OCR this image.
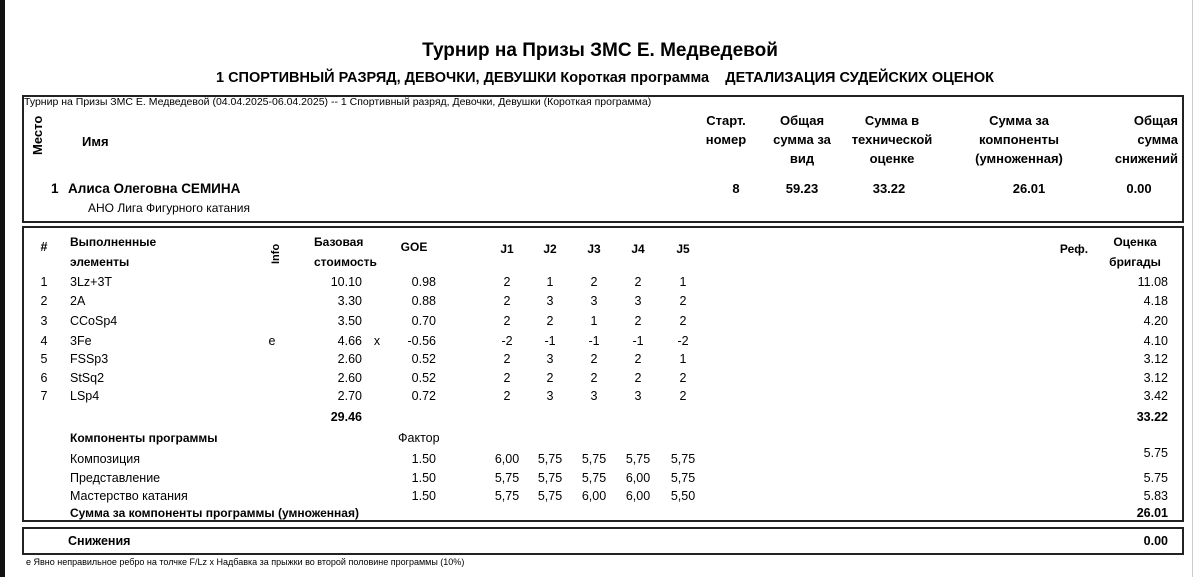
Турнир на Призы ЗМС Е. Медведевой
1 СПОРТИВНЫЙ РАЗРЯД, ДЕВОЧКИ, ДЕВУШКИ Короткая программа    ДЕТАЛИЗАЦИЯ СУДЕЙСКИХ ОЦЕНОК
Турнир на Призы ЗМС Е. Медведевой (04.04.2025-06.04.2025) -- 1 Спортивный разряд, Девочки, Девушки (Короткая программа)
Место	Имя
Старт. номер
Общая сумма за вид
Сумма в технической оценке
Сумма за компоненты (умноженная)
Общая сумма снижений
1 Алиса Олеговна СЕМИНА
АНО Лига Фигурного катания
8	59.23	33.22	26.01	0.00
#	Выполненные элементы	Info
Базовая стоимость
GOE	J1	J2	J3	J4	J5	Реф.	Оценка бригады
1	3Lz+3T	10.10	0.98	2	1	2	2	1	11.08
2	2A	3.30	0.88	2	3	3	3	2	4.18
3	CCoSp4	3.50	0.70	2	2	1	2	2	4.20
4	3Fe	e	4.66 x	-0.56	-2	-1	-1	-1	-2	4.10
5	FSSp3	2.60	0.52	2	3	2	2	1	3.12
6	StSq2	2.60	0.52	2	2	2	2	2	3.12
7	LSp4	2.70	0.72	2	3	3	3	2	3.42
29.46	33.22
Компоненты программы	Фактор
Композиция	1.50	6,00	5,75	5,75	5,75	5,75	5.75
Представление	1.50	5,75	5,75	5,75	6,00	5,75	5.75
Мастерство катания	1.50	5,75	5,75	6,00	6,00	5,50	5.83
Сумма за компоненты программы (умноженная)	26.01
Снижения	0.00
e Явно неправильное ребро на толчке F/Lz x Надбавка за прыжки во второй половине программы (10%)
